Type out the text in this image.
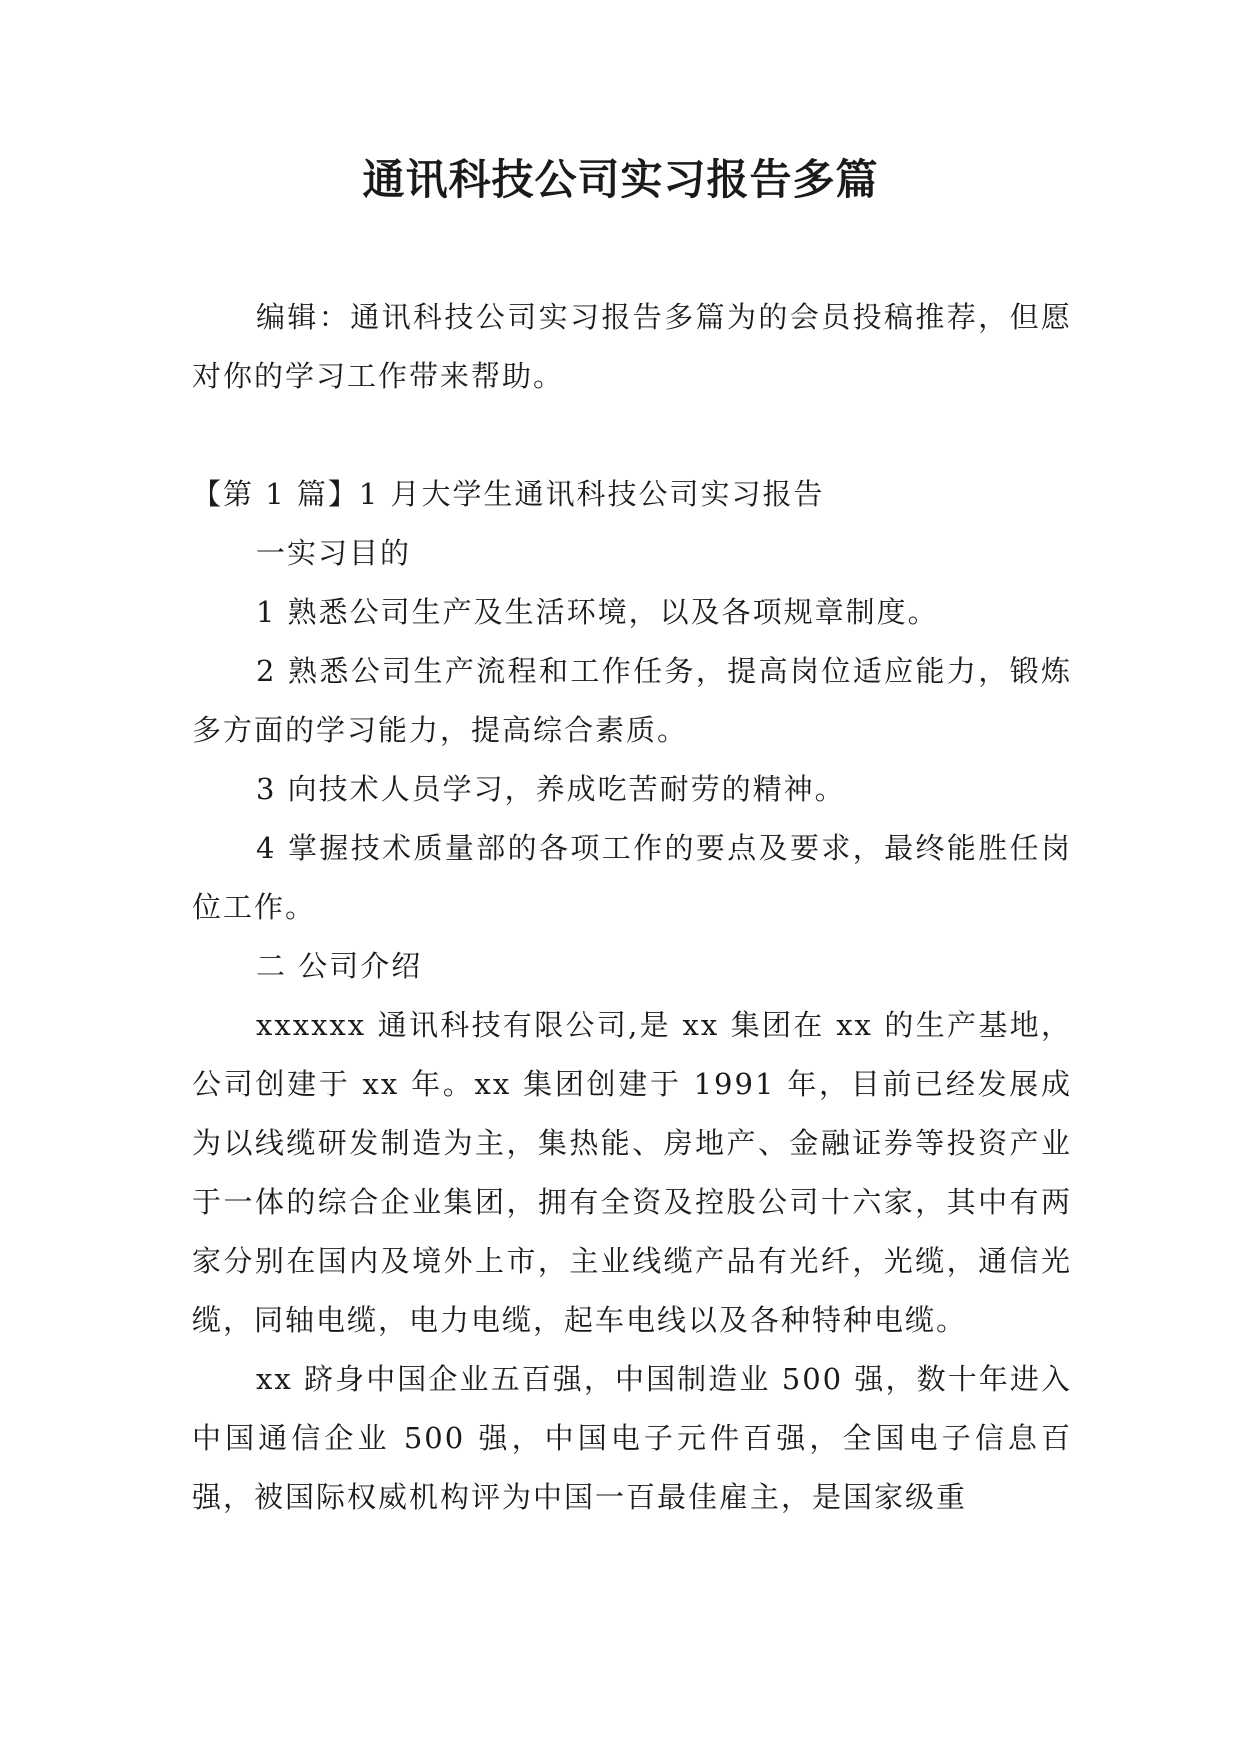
通讯科技公司实习报告多篇

编辑：通讯科技公司实习报告多篇为的会员投稿推荐，但愿对你的学习工作带来帮助。

【第 1 篇】1 月大学生通讯科技公司实习报告

一实习目的

1 熟悉公司生产及生活环境，以及各项规章制度。

2 熟悉公司生产流程和工作任务，提高岗位适应能力，锻炼多方面的学习能力，提高综合素质。

3 向技术人员学习，养成吃苦耐劳的精神。

4 掌握技术质量部的各项工作的要点及要求，最终能胜任岗位工作。

二 公司介绍

xxxxxx 通讯科技有限公司,是 xx 集团在 xx 的生产基地，公司创建于 xx 年。xx 集团创建于 1991 年，目前已经发展成为以线缆研发制造为主，集热能、房地产、金融证券等投资产业于一体的综合企业集团，拥有全资及控股公司十六家，其中有两家分别在国内及境外上市，主业线缆产品有光纤，光缆，通信光缆，同轴电缆，电力电缆，起车电线以及各种特种电缆。

xx 跻身中国企业五百强，中国制造业 500 强，数十年进入中国通信企业 500 强，中国电子元件百强，全国电子信息百强，被国际权威机构评为中国一百最佳雇主，是国家级重
